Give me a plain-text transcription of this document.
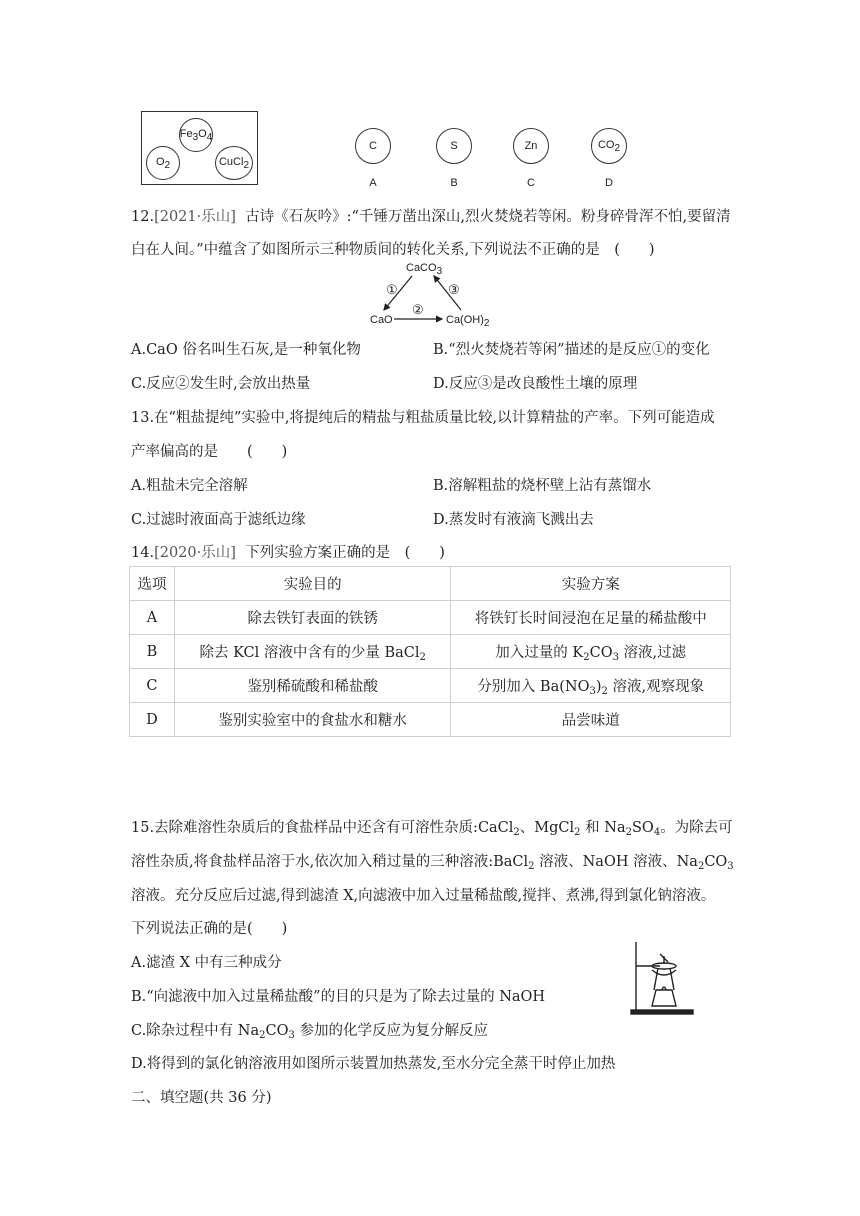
Fe3O4
O2	CuCl2
C
A
S
B
Zn
C
CO2
D
12.[2021·乐山] 古诗《石灰吟》:“千锤万凿出深山,烈火焚烧若等闲。粉身碎骨浑不怕,要留清
白在人间。”中蕴含了如图所示三种物质间的转化关系,下列说法不正确的是　(　　)
CaCO3
CaO	Ca(OH)2
①
②
③
A.CaO 俗名叫生石灰,是一种氧化物	B.“烈火焚烧若等闲”描述的是反应①的变化
C.反应②发生时,会放出热量	D.反应③是改良酸性土壤的原理
13.在“粗盐提纯”实验中,将提纯后的精盐与粗盐质量比较,以计算精盐的产率。下列可能造成
产率偏高的是　　(　　)
A.粗盐未完全溶解	B.溶解粗盐的烧杯壁上沾有蒸馏水
C.过滤时液面高于滤纸边缘	D.蒸发时有液滴飞溅出去
14.[2020·乐山] 下列实验方案正确的是　(　　)
选项	实验目的	实验方案
A	除去铁钉表面的铁锈	将铁钉长时间浸泡在足量的稀盐酸中
B	除去 KCl 溶液中含有的少量 BaCl$_2$	加入过量的 $K_2CO_3$ 溶液,过滤
C	鉴别稀硫酸和稀盐酸	分别加入 $Ba(NO_3)_2$ 溶液,观察现象
D	鉴别实验室中的食盐水和糖水	品尝味道
15.去除难溶性杂质后的食盐样品中还含有可溶性杂质:CaCl$_2$、MgCl$_2$ 和 $Na_2SO_4$。为除去可
溶性杂质,将食盐样品溶于水,依次加入稍过量的三种溶液:BaCl$_2$ 溶液、NaOH 溶液、$Na_2CO_3$
溶液。充分反应后过滤,得到滤渣 X,向滤液中加入过量稀盐酸,搅拌、煮沸,得到氯化钠溶液。
下列说法正确的是(　　)
A.滤渣 X 中有三种成分
B.“向滤液中加入过量稀盐酸”的目的只是为了除去过量的 NaOH
C.除杂过程中有 $Na_2CO_3$ 参加的化学反应为复分解反应
D.将得到的氯化钠溶液用如图所示装置加热蒸发,至水分完全蒸干时停止加热
二、填空题(共 36 分)
